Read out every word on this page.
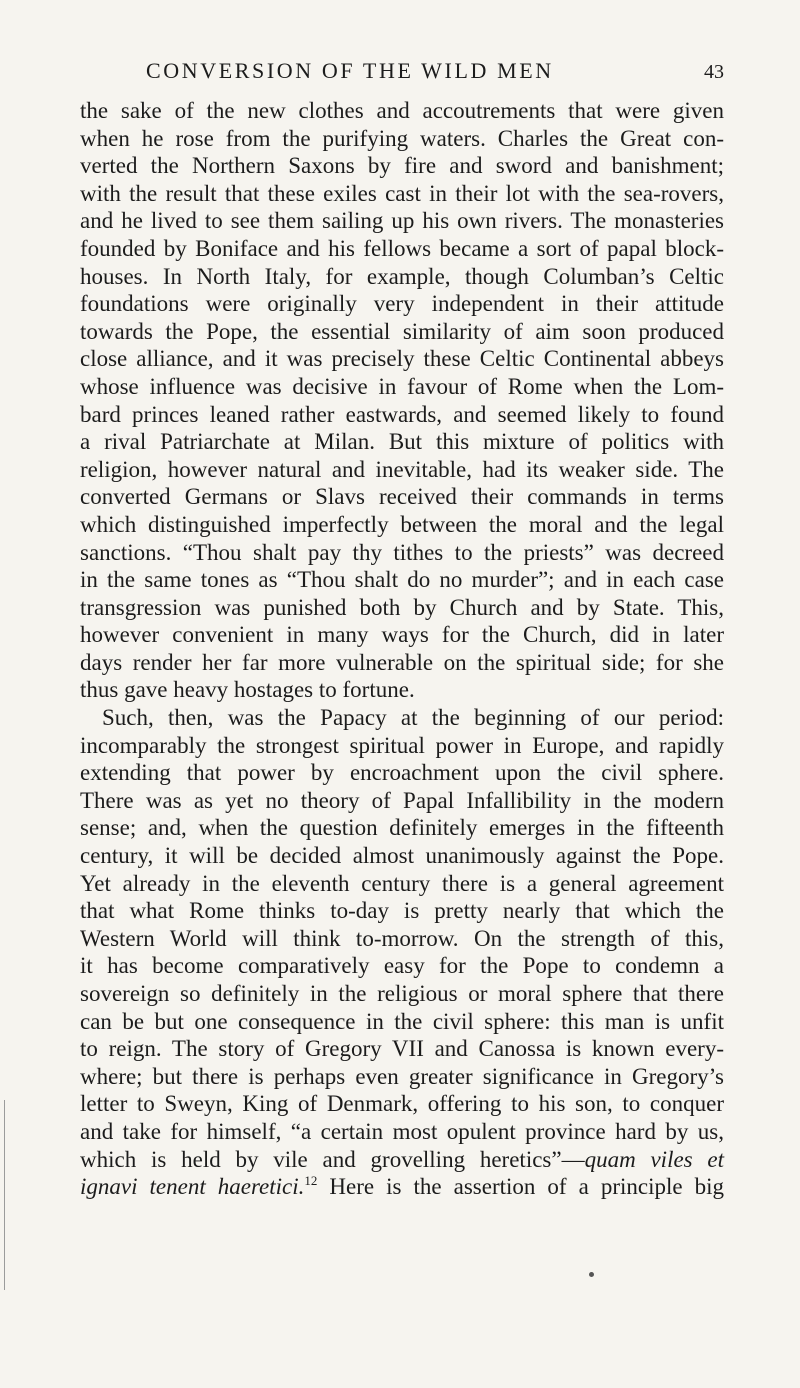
CONVERSION OF THE WILD MEN	43
the sake of the new clothes and accoutrements that were given
when he rose from the purifying waters. Charles the Great con-
verted the Northern Saxons by fire and sword and banishment;
with the result that these exiles cast in their lot with the sea-rovers,
and he lived to see them sailing up his own rivers. The monasteries
founded by Boniface and his fellows became a sort of papal block-
houses. In North Italy, for example, though Columban’s Celtic
foundations were originally very independent in their attitude
towards the Pope, the essential similarity of aim soon produced
close alliance, and it was precisely these Celtic Continental abbeys
whose influence was decisive in favour of Rome when the Lom-
bard princes leaned rather eastwards, and seemed likely to found
a rival Patriarchate at Milan. But this mixture of politics with
religion, however natural and inevitable, had its weaker side. The
converted Germans or Slavs received their commands in terms
which distinguished imperfectly between the moral and the legal
sanctions. “Thou shalt pay thy tithes to the priests” was decreed
in the same tones as “Thou shalt do no murder”; and in each case
transgression was punished both by Church and by State. This,
however convenient in many ways for the Church, did in later
days render her far more vulnerable on the spiritual side; for she
thus gave heavy hostages to fortune.
Such, then, was the Papacy at the beginning of our period:
incomparably the strongest spiritual power in Europe, and rapidly
extending that power by encroachment upon the civil sphere.
There was as yet no theory of Papal Infallibility in the modern
sense; and, when the question definitely emerges in the fifteenth
century, it will be decided almost unanimously against the Pope.
Yet already in the eleventh century there is a general agreement
that what Rome thinks to-day is pretty nearly that which the
Western World will think to-morrow. On the strength of this,
it has become comparatively easy for the Pope to condemn a
sovereign so definitely in the religious or moral sphere that there
can be but one consequence in the civil sphere: this man is unfit
to reign. The story of Gregory VII and Canossa is known every-
where; but there is perhaps even greater significance in Gregory’s
letter to Sweyn, King of Denmark, offering to his son, to conquer
and take for himself, “a certain most opulent province hard by us,
which is held by vile and grovelling heretics”—quam viles et
ignavi tenent haeretici.$^{12}$ Here is the assertion of a principle big
